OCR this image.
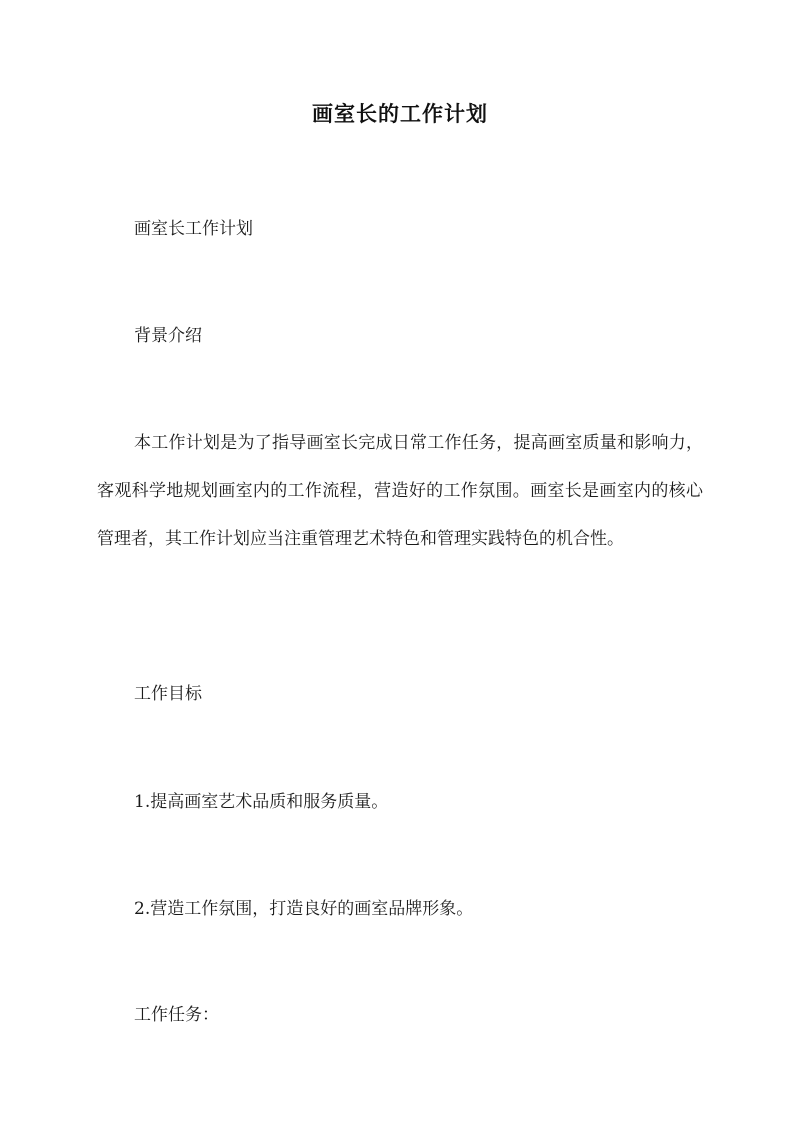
画室长的工作计划

画室长工作计划

背景介绍

本工作计划是为了指导画室长完成日常工作任务，提高画室质量和影响力，客观科学地规划画室内的工作流程，营造好的工作氛围。画室长是画室内的核心管理者，其工作计划应当注重管理艺术特色和管理实践特色的机合性。

工作目标

1.提高画室艺术品质和服务质量。

2.营造工作氛围，打造良好的画室品牌形象。

工作任务：
